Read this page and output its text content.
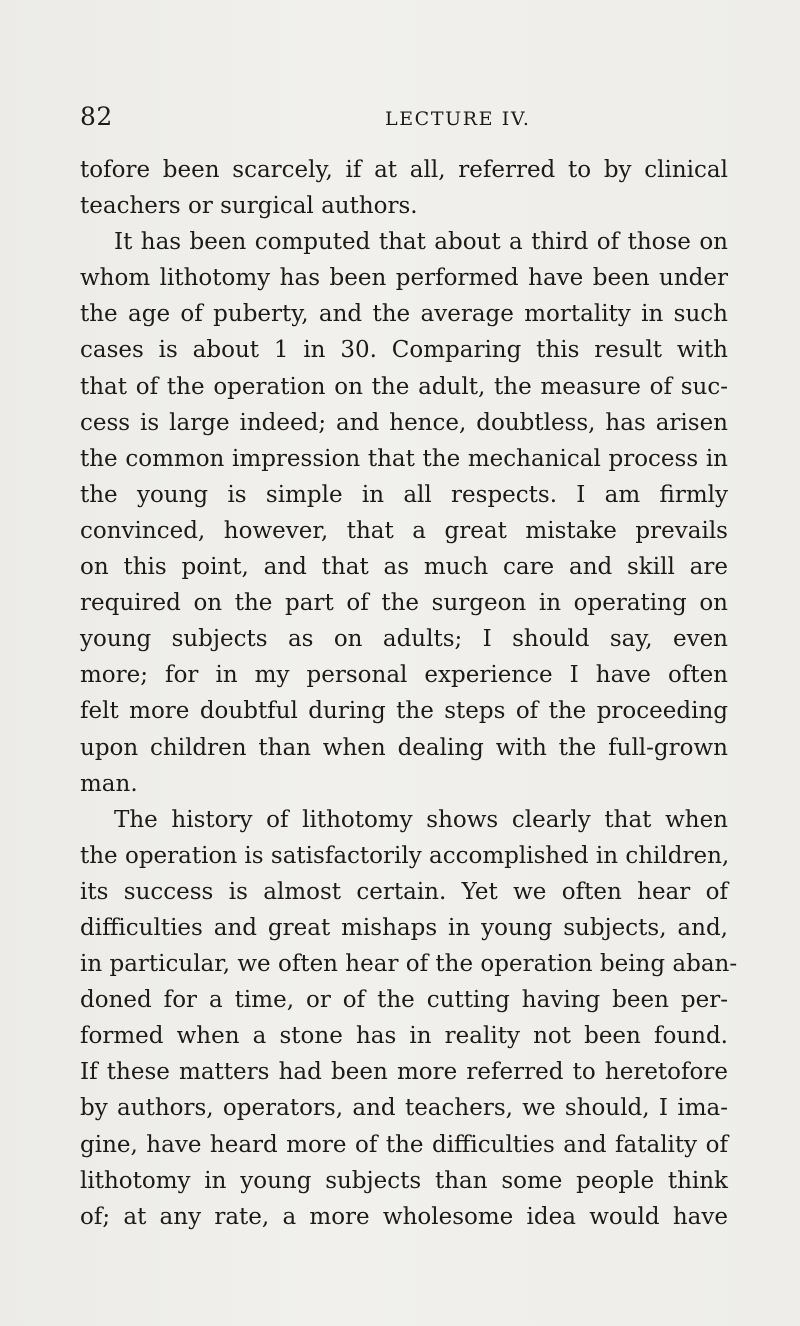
82	LECTURE IV.
tofore been scarcely, if at all, referred to by clinical
teachers or surgical authors.
It has been computed that about a third of those on
whom lithotomy has been performed have been under
the age of puberty, and the average mortality in such
cases is about 1 in 30. Comparing this result with
that of the operation on the adult, the measure of suc-
cess is large indeed; and hence, doubtless, has arisen
the common impression that the mechanical process in
the young is simple in all respects. I am firmly
convinced, however, that a great mistake prevails
on this point, and that as much care and skill are
required on the part of the surgeon in operating on
young subjects as on adults; I should say, even
more; for in my personal experience I have often
felt more doubtful during the steps of the proceeding
upon children than when dealing with the full-grown
man.
The history of lithotomy shows clearly that when
the operation is satisfactorily accomplished in children,
its success is almost certain. Yet we often hear of
difficulties and great mishaps in young subjects, and,
in particular, we often hear of the operation being aban-
doned for a time, or of the cutting having been per-
formed when a stone has in reality not been found.
If these matters had been more referred to heretofore
by authors, operators, and teachers, we should, I ima-
gine, have heard more of the difficulties and fatality of
lithotomy in young subjects than some people think
of; at any rate, a more wholesome idea would have
